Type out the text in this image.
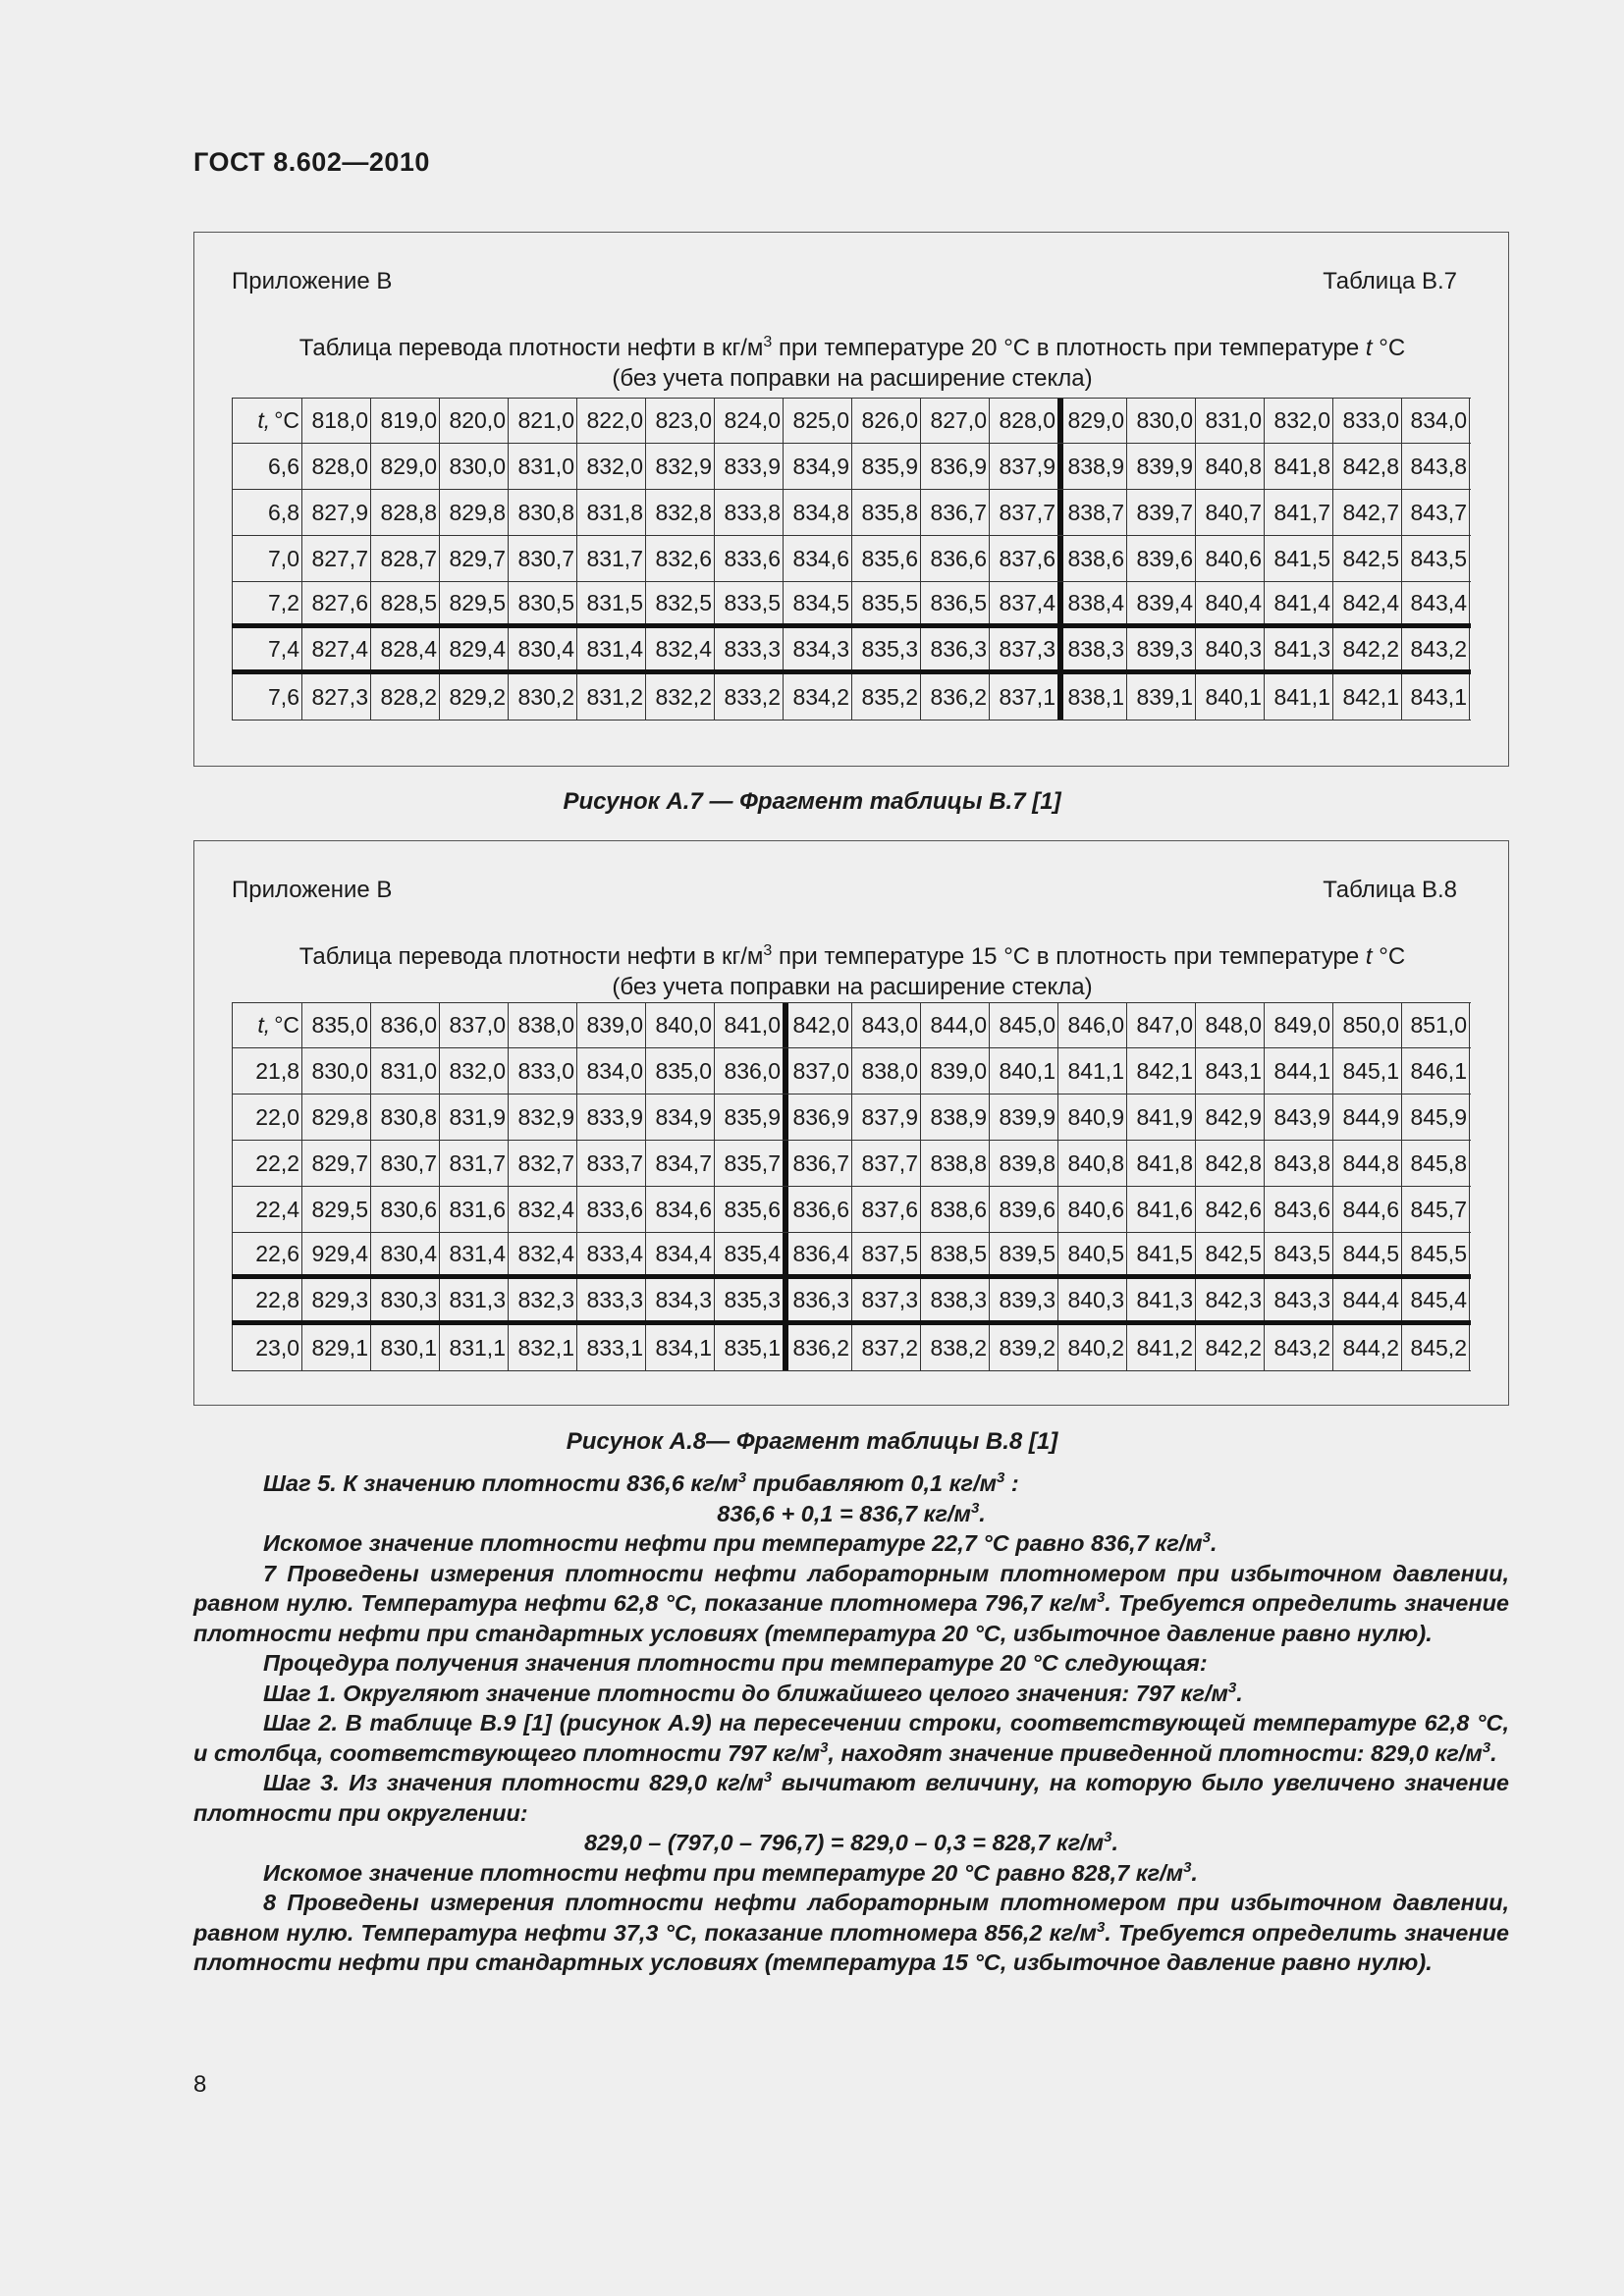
ГОСТ 8.602—2010
Приложение В	Таблица В.7
Таблица перевода плотности нефти в $кг/м^3$ при температуре 20 °С в плотность при температуре t °С
(без учета поправки на расширение стекла)
t, °С 818,0 819,0 820,0 821,0 822,0 823,0 824,0 825,0 826,0 827,0 828,0 829,0 830,0 831,0 832,0 833,0 834,0
6,6 828,0 829,0 830,0 831,0 832,0 832,9 833,9 834,9 835,9 836,9 837,9 838,9 839,9 840,8 841,8 842,8 843,8
6,8 827,9 828,8 829,8 830,8 831,8 832,8 833,8 834,8 835,8 836,7 837,7 838,7 839,7 840,7 841,7 842,7 843,7
7,0 827,7 828,7 829,7 830,7 831,7 832,6 833,6 834,6 835,6 836,6 837,6 838,6 839,6 840,6 841,5 842,5 843,5
7,2 827,6 828,5 829,5 830,5 831,5 832,5 833,5 834,5 835,5 836,5 837,4 838,4 839,4 840,4 841,4 842,4 843,4
7,4 827,4 828,4 829,4 830,4 831,4 832,4 833,3 834,3 835,3 836,3 837,3 838,3 839,3 840,3 841,3 842,2 843,2
7,6 827,3 828,2 829,2 830,2 831,2 832,2 833,2 834,2 835,2 836,2 837,1 838,1 839,1 840,1 841,1 842,1 843,1
Рисунок А.7 — Фрагмент таблицы В.7 [1]
Приложение В	Таблица В.8
Таблица перевода плотности нефти в $кг/м^3$ при температуре 15 °С в плотность при температуре t °С
(без учета поправки на расширение стекла)
t, °С 835,0 836,0 837,0 838,0 839,0 840,0 841,0 842,0 843,0 844,0 845,0 846,0 847,0 848,0 849,0 850,0 851,0
21,8 830,0 831,0 832,0 833,0 834,0 835,0 836,0 837,0 838,0 839,0 840,1 841,1 842,1 843,1 844,1 845,1 846,1
22,0 829,8 830,8 831,9 832,9 833,9 834,9 835,9 836,9 837,9 838,9 839,9 840,9 841,9 842,9 843,9 844,9 845,9
22,2 829,7 830,7 831,7 832,7 833,7 834,7 835,7 836,7 837,7 838,8 839,8 840,8 841,8 842,8 843,8 844,8 845,8
22,4 829,5 830,6 831,6 832,4 833,6 834,6 835,6 836,6 837,6 838,6 839,6 840,6 841,6 842,6 843,6 844,6 845,7
22,6 929,4 830,4 831,4 832,4 833,4 834,4 835,4 836,4 837,5 838,5 839,5 840,5 841,5 842,5 843,5 844,5 845,5
22,8 829,3 830,3 831,3 832,3 833,3 834,3 835,3 836,3 837,3 838,3 839,3 840,3 841,3 842,3 843,3 844,4 845,4
23,0 829,1 830,1 831,1 832,1 833,1 834,1 835,1 836,2 837,2 838,2 839,2 840,2 841,2 842,2 843,2 844,2 845,2
Рисунок А.8— Фрагмент таблицы В.8 [1]

Шаг 5. К значению плотности 836,6 $кг/м^3$ прибавляют 0,1 $кг/м^3$ :

836,6 + 0,1 = 836,7 $кг/м^3$.

Искомое значение плотности нефти при температуре 22,7 °С равно 836,7 $кг/м^3$.

7 Проведены измерения плотности нефти лабораторным плотномером при избыточном давлении, равном нулю. Температура нефти 62,8 °С, показание плотномера 796,7 $кг/м^3$. Требуется определить значение плотности нефти при стандартных условиях (температура 20 °С, избыточное давление равно нулю).

Процедура получения значения плотности при температуре 20 °С следующая:

Шаг 1. Округляют значение плотности до ближайшего целого значения: 797 $кг/м^3$.

Шаг 2. В таблице В.9 [1] (рисунок А.9) на пересечении строки, соответствующей температуре 62,8 °С, и столбца, соответствующего плотности 797 $кг/м^3$, находят значение приведенной плотности: 829,0 $кг/м^3$.

Шаг 3. Из значения плотности 829,0 $кг/м^3$ вычитают величину, на которую было увеличено значение плотности при округлении:

829,0 – (797,0 – 796,7) = 829,0 – 0,3 = 828,7 $кг/м^3$.

Искомое значение плотности нефти при температуре 20 °С равно 828,7 $кг/м^3$.

8 Проведены измерения плотности нефти лабораторным плотномером при избыточном давлении, равном нулю. Температура нефти 37,3 °С, показание плотномера 856,2 $кг/м^3$. Требуется определить значение плотности нефти при стандартных условиях (температура 15 °С, избыточное давление равно нулю).

8
